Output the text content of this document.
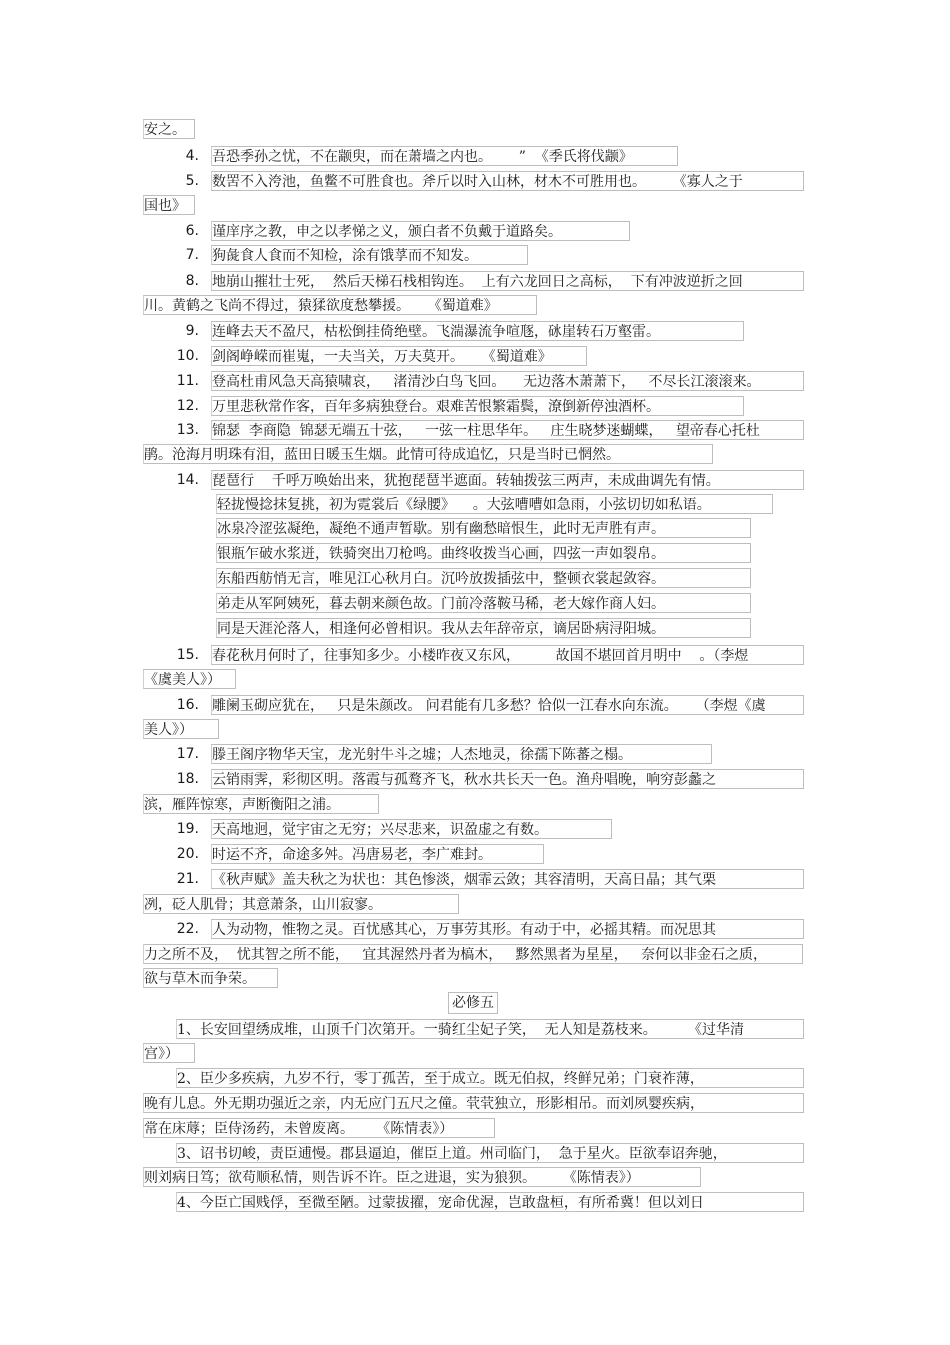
安之。
4. 吾恐季孙之忧，不在颛臾，而在萧墙之内也。      ”  《季氏将伐颛》
5. 数罟不入洿池，鱼鳖不可胜食也。斧斤以时入山林，材木不可胜用也。      《寡人之于
国也》
6. 谨庠序之教，申之以孝悌之义，颁白者不负戴于道路矣。
7. 狗彘食人食而不知检，涂有饿莩而不知发。
8. 地崩山摧壮士死，  然后天梯石栈相钩连。  上有六龙回日之高标，  下有冲波逆折之回
川。黄鹤之飞尚不得过，猿猱欲度愁攀援。    《蜀道难》
9. 连峰去天不盈尺，枯松倒挂倚绝壁。飞湍瀑流争喧豗，砯崖转石万壑雷。
10. 剑阁峥嵘而崔嵬，一夫当关，万夫莫开。    《蜀道难》
11. 登高杜甫风急天高猿啸哀，   渚清沙白鸟飞回。    无边落木萧萧下，   不尽长江滚滚来。
12. 万里悲秋常作客，百年多病独登台。艰难苦恨繁霜鬓，潦倒新停浊酒杯。
13. 锦瑟  李商隐  锦瑟无端五十弦，   一弦一柱思华年。   庄生晓梦迷蝴蝶，   望帝春心托杜
鹃。沧海月明珠有泪，蓝田日暖玉生烟。此情可待成追忆，只是当时已惘然。
14. 琵琶行    千呼万唤始出来，犹抱琵琶半遮面。转轴拨弦三两声，未成曲调先有情。
轻拢慢捻抹复挑，初为霓裳后《绿腰》    。大弦嘈嘈如急雨，小弦切切如私语。
冰泉冷涩弦凝绝，凝绝不通声暂歇。别有幽愁暗恨生，此时无声胜有声。
银瓶乍破水浆迸，铁骑突出刀枪鸣。曲终收拨当心画，四弦一声如裂帛。
东船西舫悄无言，唯见江心秋月白。沉吟放拨插弦中，整顿衣裳起敛容。
弟走从军阿姨死，暮去朝来颜色故。门前冷落鞍马稀，老大嫁作商人妇。
同是天涯沦落人，相逢何必曾相识。我从去年辞帝京，谪居卧病浔阳城。
15. 春花秋月何时了，往事知多少。小楼昨夜又东风，        故国不堪回首月明中    。（李煜
《虞美人》）
16. 雕阑玉砌应犹在，   只是朱颜改。 问君能有几多愁？恰似一江春水向东流。    （李煜《虞
美人》）
17. 滕王阁序物华天宝，龙光射牛斗之墟；人杰地灵，徐孺下陈蕃之榻。
18. 云销雨霁，彩彻区明。落霞与孤鹜齐飞，秋水共长天一色。渔舟唱晚，响穷彭蠡之
滨，雁阵惊寒，声断衡阳之浦。
19. 天高地迥，觉宇宙之无穷；兴尽悲来，识盈虚之有数。
20. 时运不齐，命途多舛。冯唐易老，李广难封。
21. 《秋声赋》盖夫秋之为状也：其色惨淡，烟霏云敛；其容清明，天高日晶；其气栗
冽，砭人肌骨；其意萧条，山川寂寥。
22. 人为动物，惟物之灵。百忧感其心，万事劳其形。有动于中，必摇其精。而况思其
力之所不及，  忧其智之所不能，   宜其渥然丹者为槁木，   黟然黑者为星星，   奈何以非金石之质，
欲与草木而争荣。
1、长安回望绣成堆，山顶千门次第开。一骑红尘妃子笑，  无人知是荔枝来。       《过华清
宫》）
2、臣少多疾病，九岁不行，零丁孤苦，至于成立。既无伯叔，终鲜兄弟；门衰祚薄，
晚有儿息。外无期功强近之亲，内无应门五尺之僮。茕茕独立，形影相吊。而刘夙婴疾病，
常在床蓐；臣侍汤药，未曾废离。     《陈情表》）
3、诏书切峻，责臣逋慢。郡县逼迫，催臣上道。州司临门，  急于星火。臣欲奉诏奔驰，
则刘病日笃；欲苟顺私情，则告诉不许。臣之进退，实为狼狈。      《陈情表》）
4、今臣亡国贱俘，至微至陋。过蒙拔擢，宠命优渥，岂敢盘桓，有所希冀！但以刘日
必修五
